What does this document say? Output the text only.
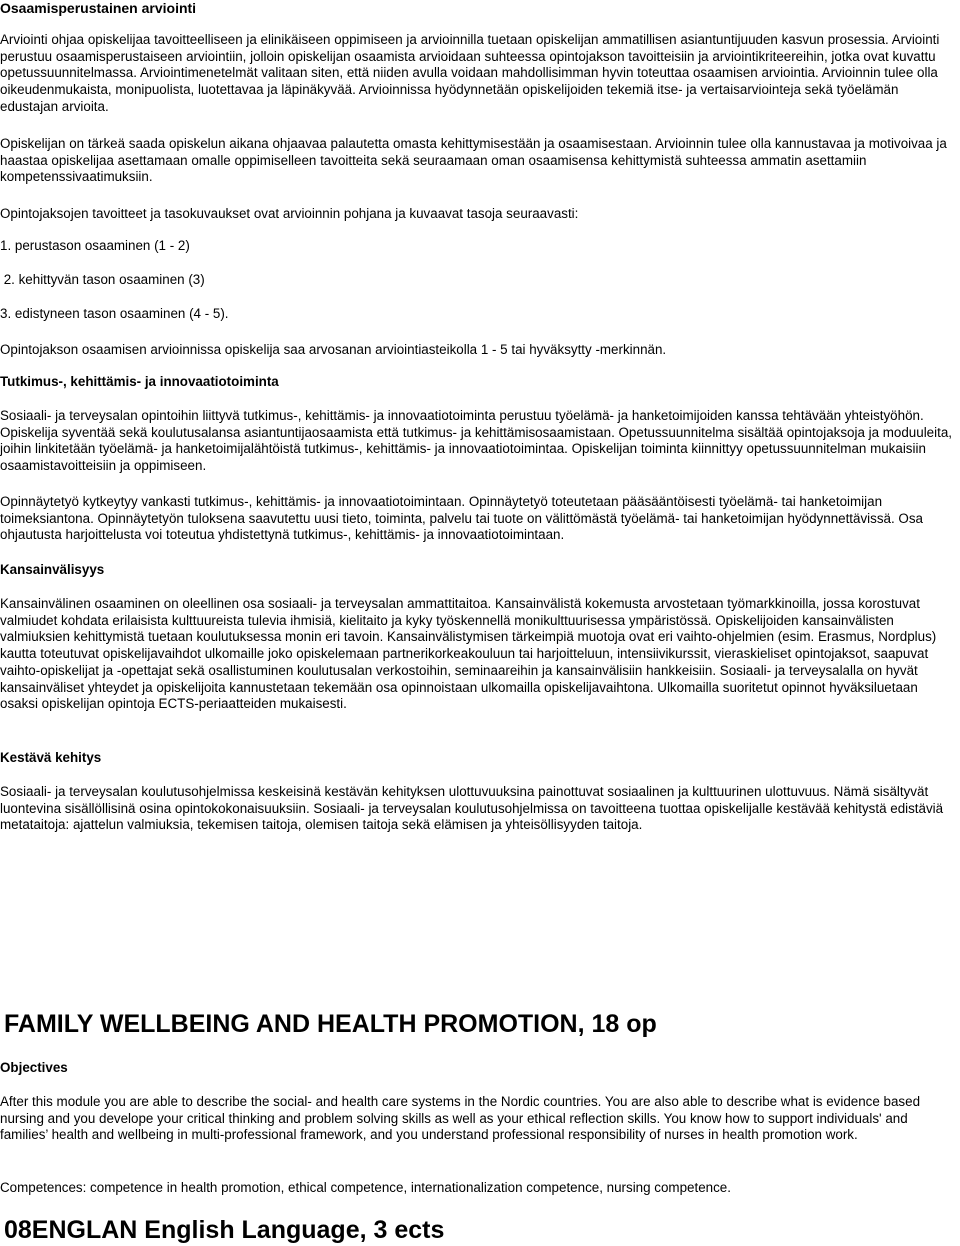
Osaamisperustainen arviointi

Arviointi ohjaa opiskelijaa tavoitteelliseen ja elinikäiseen oppimiseen ja arvioinnilla tuetaan opiskelijan ammatillisen asiantuntijuuden kasvun prosessia. Arviointi perustuu osaamisperustaiseen arviointiin, jolloin opiskelijan osaamista arvioidaan suhteessa opintojakson tavoitteisiin ja arviointikriteereihin, jotka ovat kuvattu opetussuunnitelmassa. Arviointimenetelmät valitaan siten, että niiden avulla voidaan mahdollisimman hyvin toteuttaa osaamisen arviointia. Arvioinnin tulee olla oikeudenmukaista, monipuolista, luotettavaa ja läpinäkyvää. Arvioinnissa hyödynnetään opiskelijoiden tekemiä itse- ja vertaisarviointeja sekä työelämän edustajan arvioita.

Opiskelijan on tärkeä saada opiskelun aikana ohjaavaa palautetta omasta kehittymisestään ja osaamisestaan. Arvioinnin tulee olla kannustavaa ja motivoivaa ja haastaa opiskelijaa asettamaan omalle oppimiselleen tavoitteita sekä seuraamaan oman osaamisensa kehittymistä suhteessa ammatin asettamiin kompetenssivaatimuksiin.

Opintojaksojen tavoitteet ja tasokuvaukset ovat arvioinnin pohjana ja kuvaavat tasoja seuraavasti:

1. perustason osaaminen (1 - 2)

2. kehittyvän tason osaaminen (3)

3. edistyneen tason osaaminen (4 - 5).

Opintojakson osaamisen arvioinnissa opiskelija saa arvosanan arviointiasteikolla 1 - 5 tai hyväksytty -merkinnän.

Tutkimus-, kehittämis- ja innovaatiotoiminta

Sosiaali- ja terveysalan opintoihin liittyvä tutkimus-, kehittämis- ja innovaatiotoiminta perustuu työelämä- ja hanketoimijoiden kanssa tehtävään yhteistyöhön. Opiskelija syventää sekä koulutusalansa asiantuntijaosaamista että tutkimus- ja kehittämisosaamistaan. Opetussuunnitelma sisältää opintojaksoja ja moduuleita, joihin linkitetään työelämä- ja hanketoimijalähtöistä tutkimus-, kehittämis- ja innovaatiotoimintaa. Opiskelijan toiminta kiinnittyy opetussuunnitelman mukaisiin osaamistavoitteisiin ja oppimiseen.

Opinnäytetyö kytkeytyy vankasti tutkimus-, kehittämis- ja innovaatiotoimintaan. Opinnäytetyö toteutetaan pääsääntöisesti työelämä- tai hanketoimijan toimeksiantona. Opinnäytetyön tuloksena saavutettu uusi tieto, toiminta, palvelu tai tuote on välittömästä työelämä- tai hanketoimijan hyödynnettävissä. Osa ohjautusta harjoittelusta voi toteutua yhdistettynä tutkimus-, kehittämis- ja innovaatiotoimintaan.

Kansainvälisyys

Kansainvälinen osaaminen on oleellinen osa sosiaali- ja terveysalan ammattitaitoa. Kansainvälistä kokemusta arvostetaan työmarkkinoilla, jossa korostuvat valmiudet kohdata erilaisista kulttuureista tulevia ihmisiä, kielitaito ja kyky työskennellä monikulttuurisessa ympäristössä. Opiskelijoiden kansainvälisten valmiuksien kehittymistä tuetaan koulutuksessa monin eri tavoin. Kansainvälistymisen tärkeimpiä muotoja ovat eri vaihto-ohjelmien (esim. Erasmus, Nordplus) kautta toteutuvat opiskelijavaihdot ulkomaille joko opiskelemaan partnerikorkeakouluun tai harjoitteluun, intensiivikurssit, vieraskieliset opintojaksot, saapuvat vaihto-opiskelijat ja -opettajat sekä osallistuminen koulutusalan verkostoihin, seminaareihin ja kansainvälisiin hankkeisiin. Sosiaali- ja terveysalalla on hyvät kansainväliset yhteydet ja opiskelijoita kannustetaan tekemään osa opinnoistaan ulkomailla opiskelijavaihtona. Ulkomailla suoritetut opinnot hyväksiluetaan osaksi opiskelijan opintoja ECTS-periaatteiden mukaisesti.

Kestävä kehitys

Sosiaali- ja terveysalan koulutusohjelmissa keskeisinä kestävän kehityksen ulottuvuuksina painottuvat sosiaalinen ja kulttuurinen ulottuvuus. Nämä sisältyvät luontevina sisällöllisinä osina opintokokonaisuuksiin. Sosiaali- ja terveysalan koulutusohjelmissa on tavoitteena tuottaa opiskelijalle kestävää kehitystä edistäviä metataitoja: ajattelun valmiuksia, tekemisen taitoja, olemisen taitoja sekä elämisen ja yhteisöllisyyden taitoja.

FAMILY WELLBEING AND HEALTH PROMOTION, 18 op
Objectives

After this module you are able to describe the social- and health care systems in the Nordic countries. You are also able to describe what is evidence based nursing and you develope your critical thinking and problem solving skills as well as your ethical reflection skills. You know how to support individuals' and families’ health and wellbeing in multi-professional framework, and you understand professional responsibility of nurses in health promotion work.

Competences: competence in health promotion, ethical competence, internationalization competence, nursing competence.

08ENGLAN English Language, 3 ects
